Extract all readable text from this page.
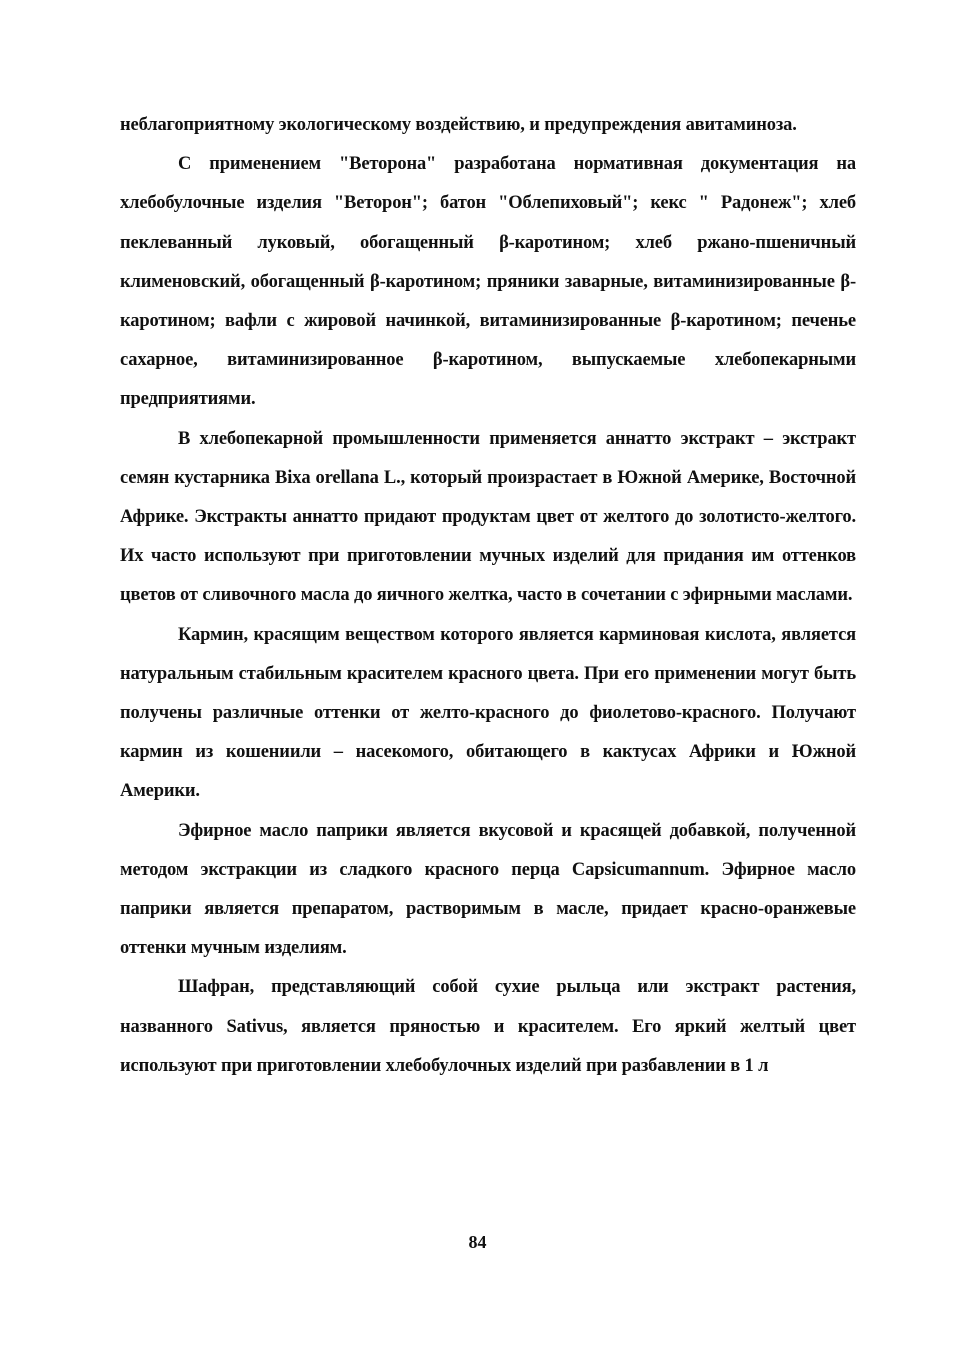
неблагоприятному экологическому воздействию, и предупреждения авитаминоза.

С применением "Веторона" разработана нормативная документация на хлебобулочные изделия "Веторон"; батон "Облепиховый"; кекс " Радонеж"; хлеб пеклеванный луковый, обогащенный β-каротином; хлеб ржано-пшеничный клименовский, обогащенный β-каротином; пряники заварные, витаминизированные β-каротином; вафли с жировой начинкой, витаминизированные β-каротином; печенье сахарное, витаминизированное β-каротином, выпускаемые хлебопекарными предприятиями.

В хлебопекарной промышленности применяется аннатто экстракт – экстракт семян кустарника Bixa orellana L., который произрастает в Южной Америке, Восточной Африке. Экстракты аннатто придают продуктам цвет от желтого до золотисто-желтого. Их часто используют при приготовлении мучных изделий для придания им оттенков цветов от сливочного масла до яичного желтка, часто в сочетании с эфирными маслами.

Кармин, красящим веществом которого является карминовая кислота, является натуральным стабильным красителем красного цвета. При его применении могут быть получены различные оттенки от желто-красного до фиолетово-красного. Получают кармин из кошениили – насекомого, обитающего в кактусах Африки и Южной Америки.

Эфирное масло паприки является вкусовой и красящей добавкой, полученной методом экстракции из сладкого красного перца Capsicumannum. Эфирное масло паприки является препаратом, растворимым в масле, придает красно-оранжевые оттенки мучным изделиям.

Шафран, представляющий собой сухие рыльца или экстракт растения, названного Sativus, является пряностью и красителем. Его яркий желтый цвет используют при приготовлении хлебобулочных изделий при разбавлении в 1 л

84
